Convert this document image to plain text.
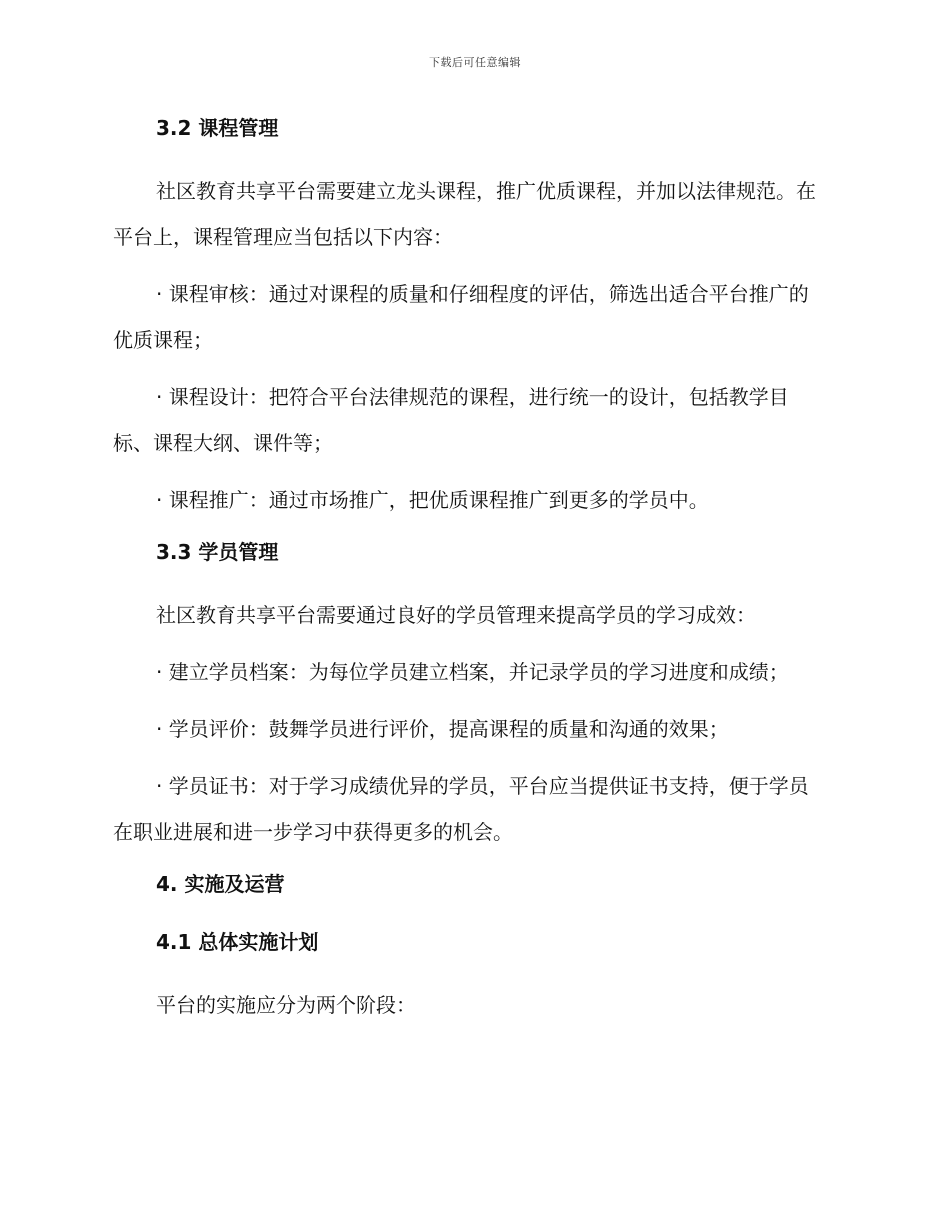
下载后可任意编辑
3.2 课程管理

社区教育共享平台需要建立龙头课程，推广优质课程，并加以法律规范。在平台上，课程管理应当包括以下内容：

· 课程审核：通过对课程的质量和仔细程度的评估，筛选出适合平台推广的优质课程；

· 课程设计：把符合平台法律规范的课程，进行统一的设计，包括教学目标、课程大纲、课件等；

· 课程推广：通过市场推广，把优质课程推广到更多的学员中。

3.3 学员管理

社区教育共享平台需要通过良好的学员管理来提高学员的学习成效：

· 建立学员档案：为每位学员建立档案，并记录学员的学习进度和成绩；

· 学员评价：鼓舞学员进行评价，提高课程的质量和沟通的效果；

· 学员证书：对于学习成绩优异的学员，平台应当提供证书支持，便于学员在职业进展和进一步学习中获得更多的机会。

4. 实施及运营
4.1 总体实施计划

平台的实施应分为两个阶段：
